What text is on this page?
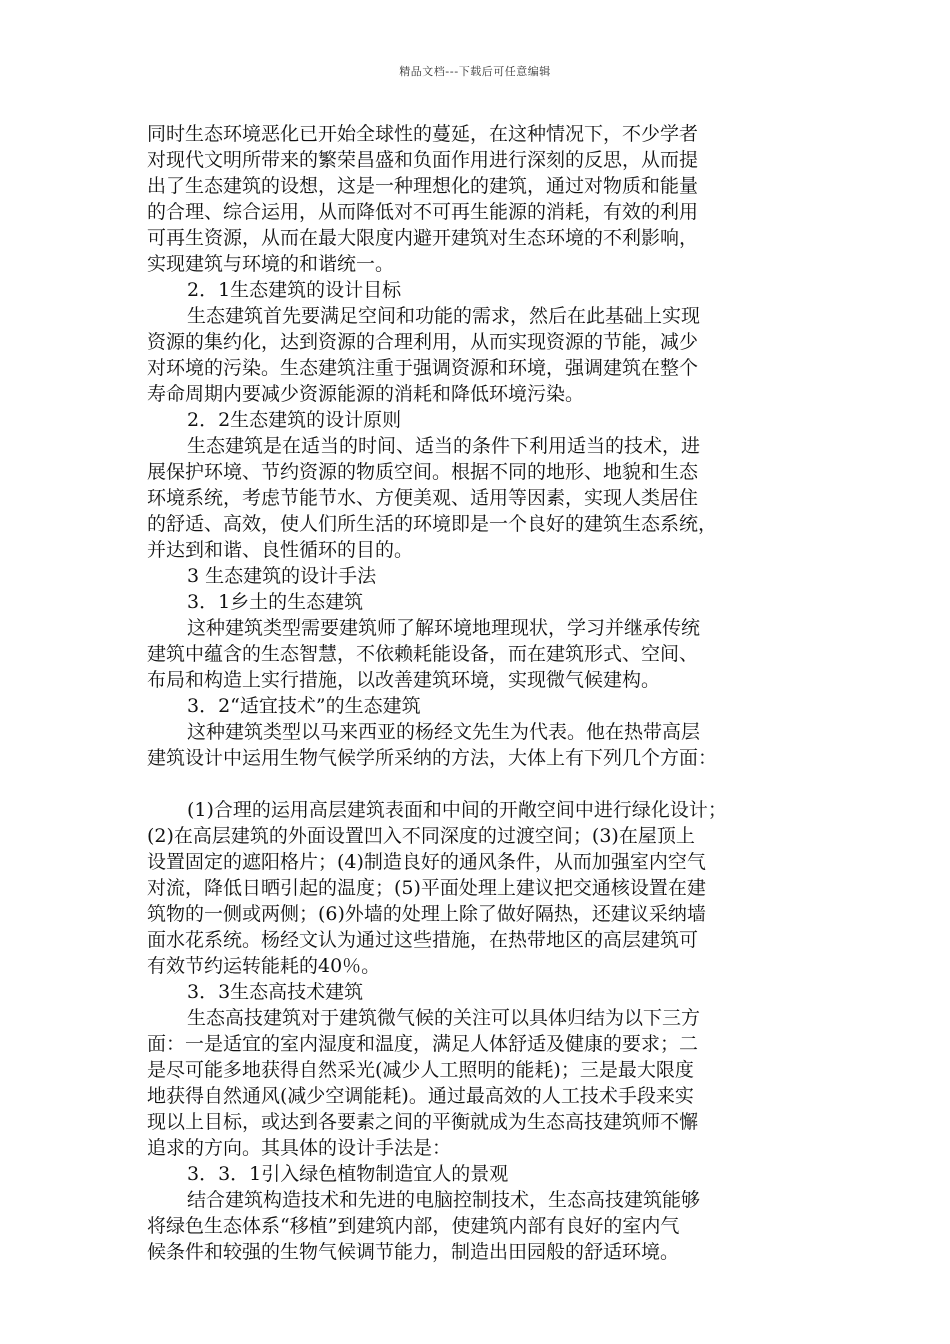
精品文档---下载后可任意编辑
同时生态环境恶化已开始全球性的蔓延，在这种情况下，不少学者
对现代文明所带来的繁荣昌盛和负面作用进行深刻的反思，从而提
出了生态建筑的设想，这是一种理想化的建筑，通过对物质和能量
的合理、综合运用，从而降低对不可再生能源的消耗，有效的利用
可再生资源，从而在最大限度内避开建筑对生态环境的不利影响，
实现建筑与环境的和谐统一。
2．1生态建筑的设计目标
生态建筑首先要满足空间和功能的需求，然后在此基础上实现
资源的集约化，达到资源的合理利用，从而实现资源的节能，减少
对环境的污染。生态建筑注重于强调资源和环境，强调建筑在整个
寿命周期内要减少资源能源的消耗和降低环境污染。
2．2生态建筑的设计原则
生态建筑是在适当的时间、适当的条件下利用适当的技术，进
展保护环境、节约资源的物质空间。根据不同的地形、地貌和生态
环境系统，考虑节能节水、方便美观、适用等因素，实现人类居住
的舒适、高效，使人们所生活的环境即是一个良好的建筑生态系统，
并达到和谐、良性循环的目的。
3 生态建筑的设计手法
3．1乡土的生态建筑
这种建筑类型需要建筑师了解环境地理现状，学习并继承传统
建筑中蕴含的生态智慧，不依赖耗能设备，而在建筑形式、空间、
布局和构造上实行措施，以改善建筑环境，实现微气候建构。
3．2“适宜技术”的生态建筑
这种建筑类型以马来西亚的杨经文先生为代表。他在热带高层
建筑设计中运用生物气候学所采纳的方法，大体上有下列几个方面：
(1)合理的运用高层建筑表面和中间的开敞空间中进行绿化设计；
(2)在高层建筑的外面设置凹入不同深度的过渡空间；(3)在屋顶上
设置固定的遮阳格片；(4)制造良好的通风条件，从而加强室内空气
对流，降低日晒引起的温度；(5)平面处理上建议把交通核设置在建
筑物的一侧或两侧；(6)外墙的处理上除了做好隔热，还建议采纳墙
面水花系统。杨经文认为通过这些措施，在热带地区的高层建筑可
有效节约运转能耗的40％。
3．3生态高技术建筑
生态高技建筑对于建筑微气候的关注可以具体归结为以下三方
面：一是适宜的室内湿度和温度，满足人体舒适及健康的要求；二
是尽可能多地获得自然采光(减少人工照明的能耗)；三是最大限度
地获得自然通风(减少空调能耗)。通过最高效的人工技术手段来实
现以上目标，或达到各要素之间的平衡就成为生态高技建筑师不懈
追求的方向。其具体的设计手法是：
3．3．1引入绿色植物制造宜人的景观
结合建筑构造技术和先进的电脑控制技术，生态高技建筑能够
将绿色生态体系“移植”到建筑内部，使建筑内部有良好的室内气
候条件和较强的生物气候调节能力，制造出田园般的舒适环境。
